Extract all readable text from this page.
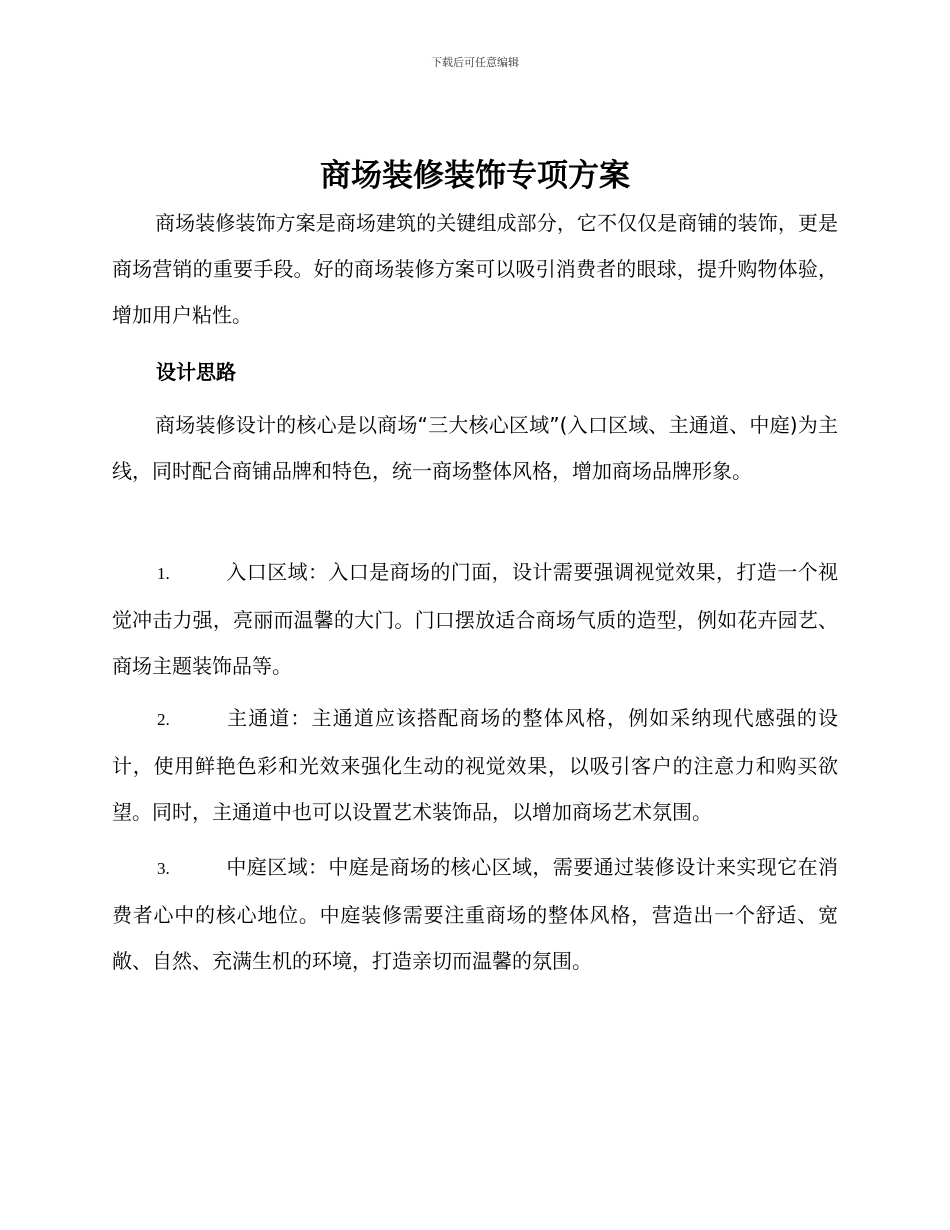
下载后可任意编辑
商场装修装饰专项方案

商场装修装饰方案是商场建筑的关键组成部分，它不仅仅是商铺的装饰，更是商场营销的重要手段。好的商场装修方案可以吸引消费者的眼球，提升购物体验，增加用户粘性。

设计思路

商场装修设计的核心是以商场“三大核心区域”(入口区域、主通道、中庭)为主线，同时配合商铺品牌和特色，统一商场整体风格，增加商场品牌形象。

1.	入口区域：入口是商场的门面，设计需要强调视觉效果，打造一个视觉冲击力强，亮丽而温馨的大门。门口摆放适合商场气质的造型，例如花卉园艺、商场主题装饰品等。

2.	主通道：主通道应该搭配商场的整体风格，例如采纳现代感强的设计，使用鲜艳色彩和光效来强化生动的视觉效果，以吸引客户的注意力和购买欲望。同时，主通道中也可以设置艺术装饰品，以增加商场艺术氛围。

3.	中庭区域：中庭是商场的核心区域，需要通过装修设计来实现它在消费者心中的核心地位。中庭装修需要注重商场的整体风格，营造出一个舒适、宽敞、自然、充满生机的环境，打造亲切而温馨的氛围。
